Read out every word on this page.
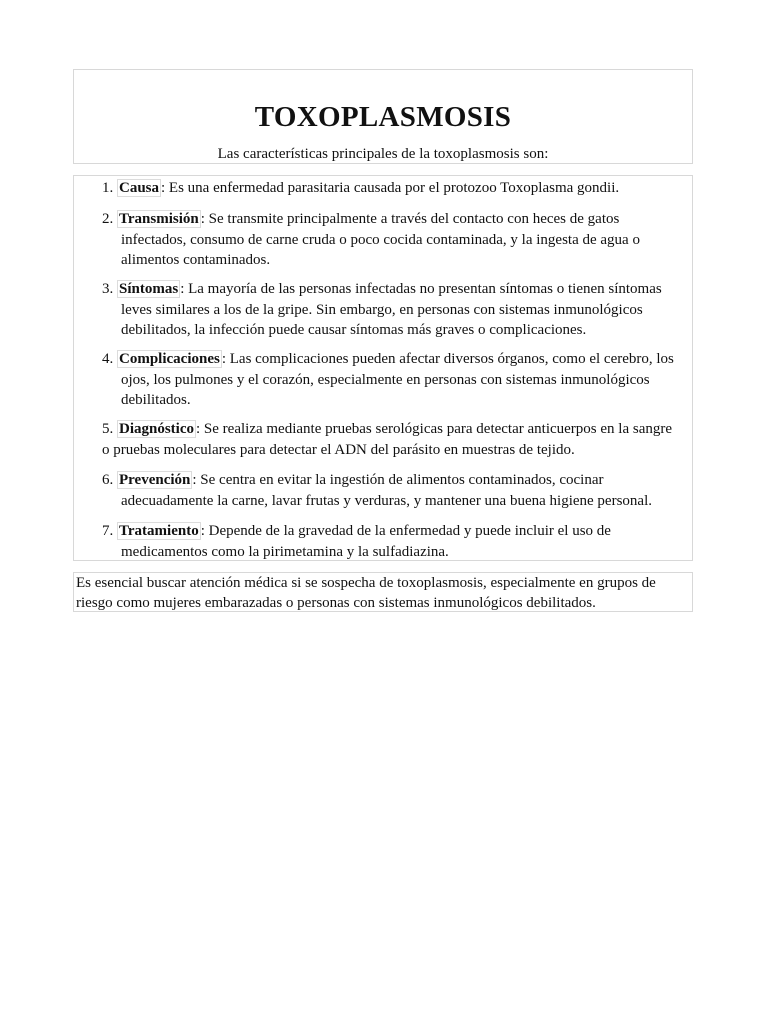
TOXOPLASMOSIS
Las características principales de la toxoplasmosis son:
1. Causa : Es una enfermedad parasitaria causada por el protozoo Toxoplasma gondii.
2. Transmisión : Se transmite principalmente a través del contacto con heces de gatos
infectados, consumo de carne cruda o poco cocida contaminada, y la ingesta de agua o alimentos contaminados.
3. Síntomas : La mayoría de las personas infectadas no presentan síntomas o tienen síntomas
leves similares a los de la gripe. Sin embargo, en personas con sistemas inmunológicos debilitados, la infección puede causar síntomas más graves o complicaciones.
4. Complicaciones : Las complicaciones pueden afectar diversos órganos, como el cerebro, los
ojos, los pulmones y el corazón, especialmente en personas con sistemas inmunológicos debilitados.
5. Diagnóstico : Se realiza mediante pruebas serológicas para detectar anticuerpos en la sangre
o pruebas moleculares para detectar el ADN del parásito en muestras de tejido.
6. Prevención : Se centra en evitar la ingestión de alimentos contaminados, cocinar
adecuadamente la carne, lavar frutas y verduras, y mantener una buena higiene personal.
7. Tratamiento : Depende de la gravedad de la enfermedad y puede incluir el uso de
medicamentos como la pirimetamina y la sulfadiazina.
Es esencial buscar atención médica si se sospecha de toxoplasmosis, especialmente en grupos de riesgo como mujeres embarazadas o personas con sistemas inmunológicos debilitados.
